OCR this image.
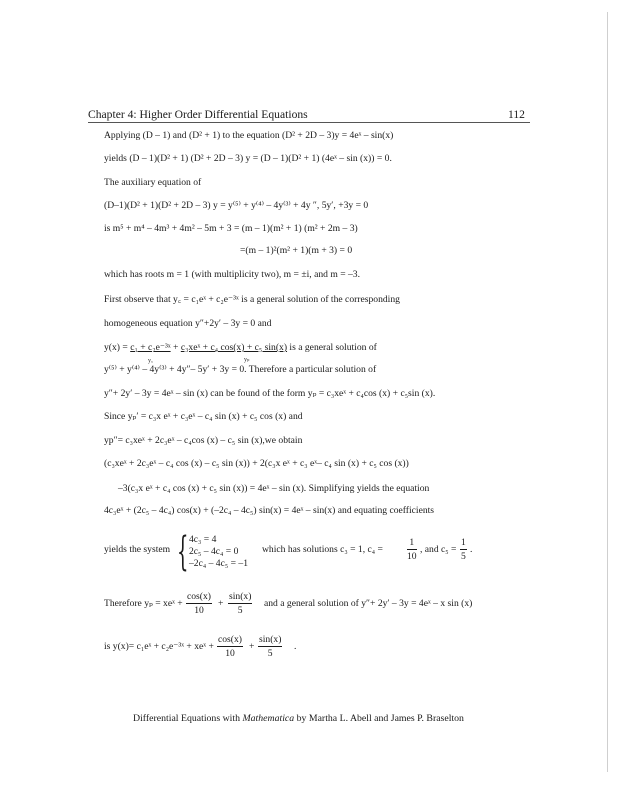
Chapter 4: Higher Order Differential Equations	112
Applying (D – 1) and (D² + 1) to the equation (D² + 2D – 3)y = 4eˣ – sin(x)
yields (D – 1)(D² + 1) (D² + 2D – 3) y = (D – 1)(D² + 1) (4eˣ – sin (x)) = 0.
The auxiliary equation of
(D–1)(D² + 1)(D² + 2D – 3) y = y⁽⁵⁾ + y⁽⁴⁾ – 4y⁽³⁾ + 4y ″, 5y′, +3y = 0
is m⁵ + m⁴ – 4m³ + 4m² – 5m + 3 = (m – 1)(m² + 1) (m² + 2m – 3)
=(m – 1)²(m² + 1)(m + 3) = 0
which has roots m = 1 (with multiplicity two), m = ±i, and m = –3.
First observe that y꜀ = c₁eˣ + c₂e⁻³ˣ is a general solution of the corresponding
homogeneous equation y″+2y′ – 3y = 0 and
y(x) = c₁ + c₂e⁻³ˣ + c₃xeˣ + c₄ cos(x) + c₅ sin(x) is a general solution of
y꜀	yₚ
y⁽⁵⁾ + y⁽⁴⁾ – 4y⁽³⁾ + 4y″– 5y′ + 3y = 0. Therefore a particular solution of
y″+ 2y′ – 3y = 4eˣ – sin (x) can be found of the form yₚ = c₃xeˣ + c₄cos (x) + c₅sin (x).
Since yₚ′ = c₃x eˣ + c₃eˣ – c₄ sin (x) + c₅ cos (x) and
yp″= c₃xeˣ + 2c₃eˣ – c₄cos (x) – c₅ sin (x),we obtain
(c₃xeˣ + 2c₃eˣ – c₄ cos (x) – c₅ sin (x)) + 2(c₃x eˣ + c₃ eˣ– c₄ sin (x) + c₅ cos (x))
–3(c₃x eˣ + c₄ cos (x) + c₅ sin (x)) = 4eˣ – sin (x). Simplifying yields the equation
4c₃eˣ + (2c₅ – 4c₄) cos(x) + (–2c₄ – 4c₅) sin(x) = 4eˣ – sin(x) and equating coefficients
yields the system { 4c₃ = 4
2c₅ – 4c₄ = 0
–2c₄ – 4c₅ = –1
which has solutions c₃ = 1, c₄ =	$\frac{1}{10}$ , and $c_5 = \frac{1}{5}$ .
Therefore yₚ = xeˣ + $\frac{\cos(x)}{10} + \frac{\sin(x)}{5}$ and a general solution of y″+ 2y′ – 3y = 4eˣ – x sin (x)
is y(x)= c₁eˣ + c₂e⁻³ˣ + xeˣ + $\frac{\cos(x)}{10} + \frac{\sin(x)}{5}$ .
Differential Equations with Mathematica by Martha L. Abell and James P. Braselton
